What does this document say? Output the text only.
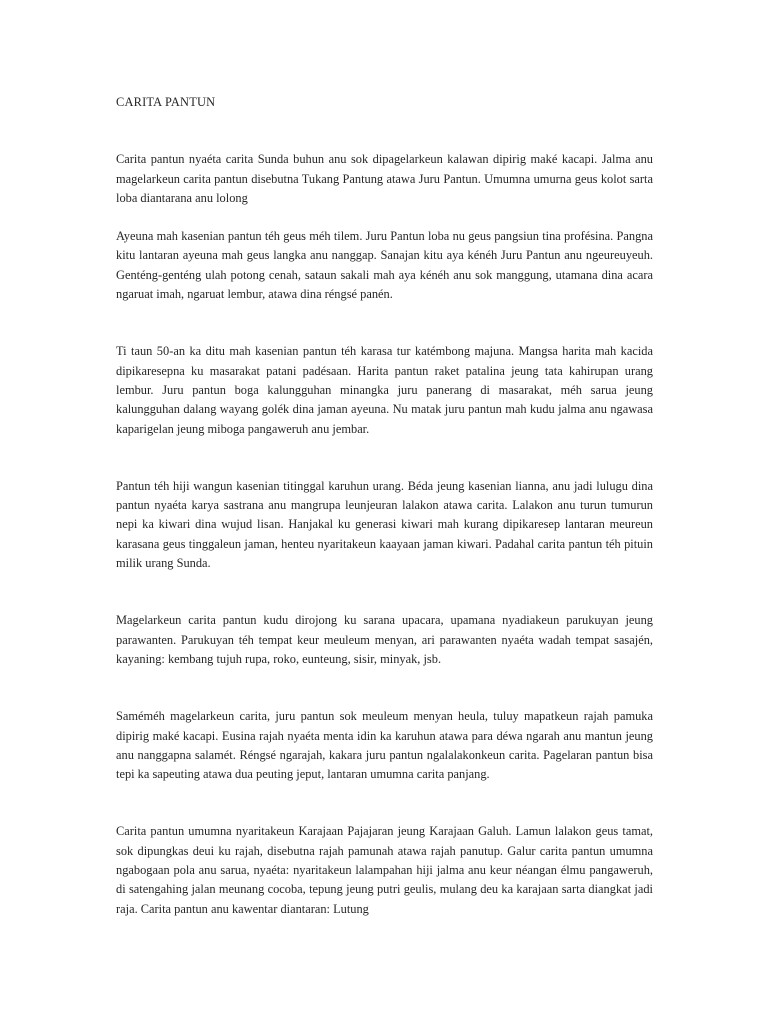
CARITA PANTUN

Carita pantun nyaéta carita Sunda buhun anu sok dipagelarkeun kalawan dipirig maké kacapi. Jalma anu magelarkeun carita pantun disebutna Tukang Pantung atawa Juru Pantun. Umumna umurna geus kolot sarta loba diantarana anu lolong

Ayeuna mah kasenian pantun téh geus méh tilem. Juru Pantun loba nu geus pangsiun tina profésina. Pangna kitu lantaran ayeuna mah geus langka anu nanggap. Sanajan kitu aya kénéh Juru Pantun anu ngeureuyeuh. Genténg-genténg ulah potong cenah, sataun sakali mah aya kénéh anu sok manggung, utamana dina acara ngaruat imah, ngaruat lembur, atawa dina réngsé panén.

Ti taun 50-an ka ditu mah kasenian pantun téh karasa tur katémbong majuna. Mangsa harita mah kacida dipikaresepna ku masarakat patani padésaan. Harita pantun raket patalina jeung tata kahirupan urang lembur. Juru pantun boga kalungguhan minangka juru panerang di masarakat, méh sarua jeung kalungguhan dalang wayang golék dina jaman ayeuna. Nu matak juru pantun mah kudu jalma anu ngawasa kaparigelan jeung miboga pangaweruh anu jembar.

Pantun téh hiji wangun kasenian titinggal karuhun urang. Béda jeung kasenian lianna, anu jadi lulugu dina pantun nyaéta karya sastrana anu mangrupa leunjeuran lalakon atawa carita. Lalakon anu turun tumurun nepi ka kiwari dina wujud lisan. Hanjakal ku generasi kiwari mah kurang dipikaresep lantaran meureun karasana geus tinggaleun jaman, henteu nyaritakeun kaayaan jaman kiwari. Padahal carita pantun téh pituin milik urang Sunda.

Magelarkeun carita pantun kudu dirojong ku sarana upacara, upamana nyadiakeun parukuyan jeung parawanten. Parukuyan téh tempat keur meuleum menyan, ari parawanten nyaéta wadah tempat sasajén, kayaning: kembang tujuh rupa, roko, eunteung, sisir, minyak, jsb.

Saméméh magelarkeun carita, juru pantun sok meuleum menyan heula, tuluy mapatkeun rajah pamuka dipirig maké kacapi. Eusina rajah nyaéta menta idin ka karuhun atawa para déwa ngarah anu mantun jeung anu nanggapna salamét. Réngsé ngarajah, kakara juru pantun ngalalakonkeun carita. Pagelaran pantun bisa tepi ka sapeuting atawa dua peuting jeput, lantaran umumna carita panjang.

Carita pantun umumna nyaritakeun Karajaan Pajajaran jeung Karajaan Galuh. Lamun lalakon geus tamat, sok dipungkas deui ku rajah, disebutna rajah pamunah atawa rajah panutup. Galur carita pantun umumna ngabogaan pola anu sarua, nyaéta: nyaritakeun lalampahan hiji jalma anu keur néangan élmu pangaweruh, di satengahing jalan meunang cocoba, tepung jeung putri geulis, mulang deu ka karajaan sarta diangkat jadi raja. Carita pantun anu kawentar diantaran: Lutung
